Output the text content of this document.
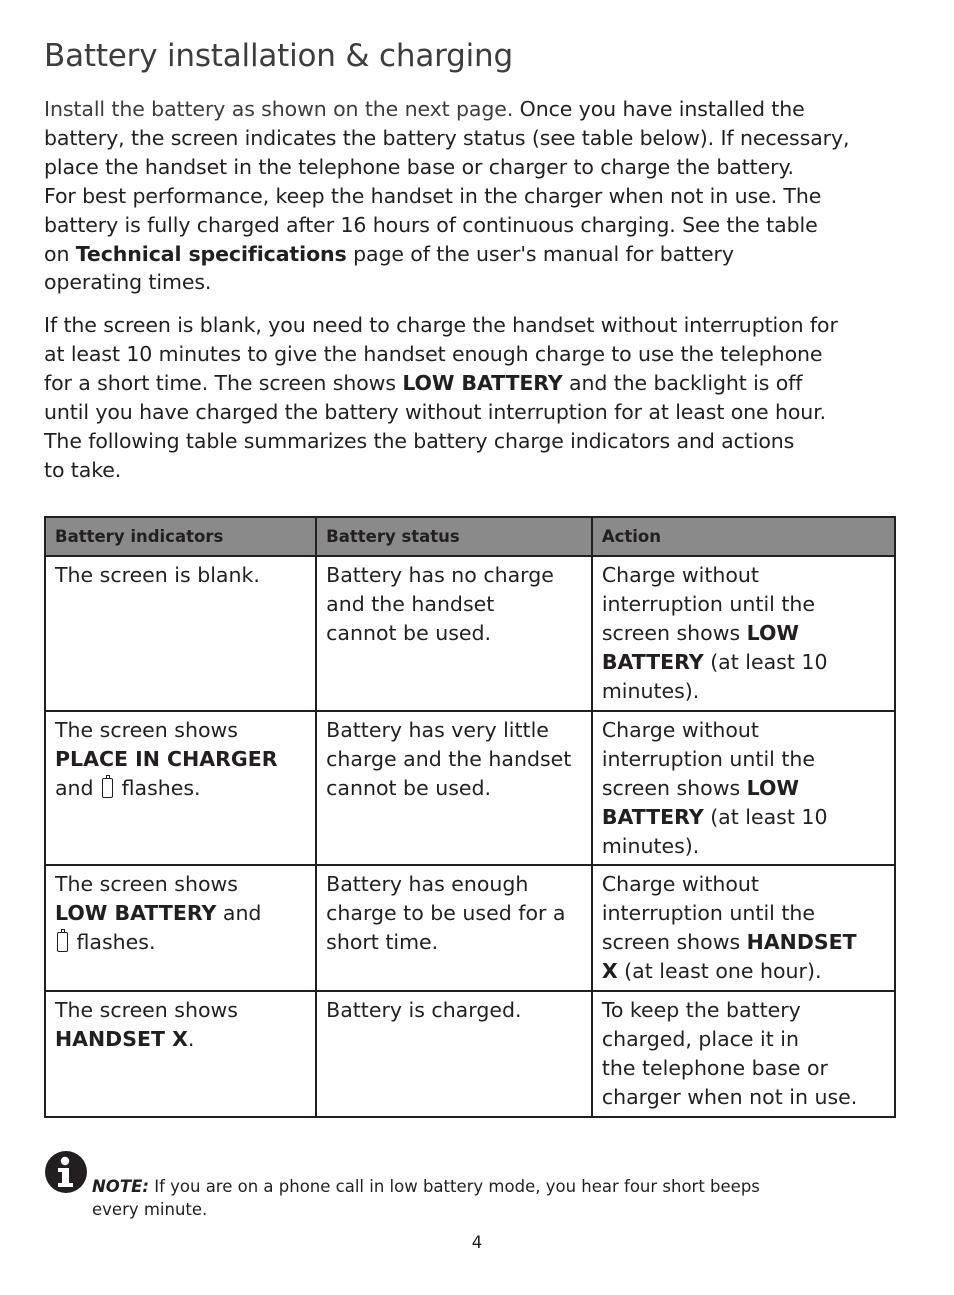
Battery installation & charging

Install the battery as shown on the next page. Once you have installed the
battery, the screen indicates the battery status (see table below). If necessary,
place the handset in the telephone base or charger to charge the battery.
For best performance, keep the handset in the charger when not in use. The
battery is fully charged after 16 hours of continuous charging. See the table
on Technical specifications page of the user's manual for battery
operating times.

If the screen is blank, you need to charge the handset without interruption for
at least 10 minutes to give the handset enough charge to use the telephone
for a short time. The screen shows LOW BATTERY and the backlight is off
until you have charged the battery without interruption for at least one hour.
The following table summarizes the battery charge indicators and actions
to take.

Battery indicators	Battery status	Action

The screen is blank.	Battery has no charge
and the handset
cannot be used.	Charge without
interruption until the
screen shows LOW
BATTERY (at least 10
minutes).

The screen shows
PLACE IN CHARGER
and  flashes.	Battery has very little
charge and the handset
cannot be used.	Charge without
interruption until the
screen shows LOW
BATTERY (at least 10
minutes).

The screen shows
LOW BATTERY and
flashes.	Battery has enough
charge to be used for a
short time.	Charge without
interruption until the
screen shows HANDSET
X (at least one hour).

The screen shows
HANDSET X.	Battery is charged.	To keep the battery
charged, place it in
the telephone base or
charger when not in use.
NOTE: If you are on a phone call in low battery mode, you hear four short beeps
every minute.
4
